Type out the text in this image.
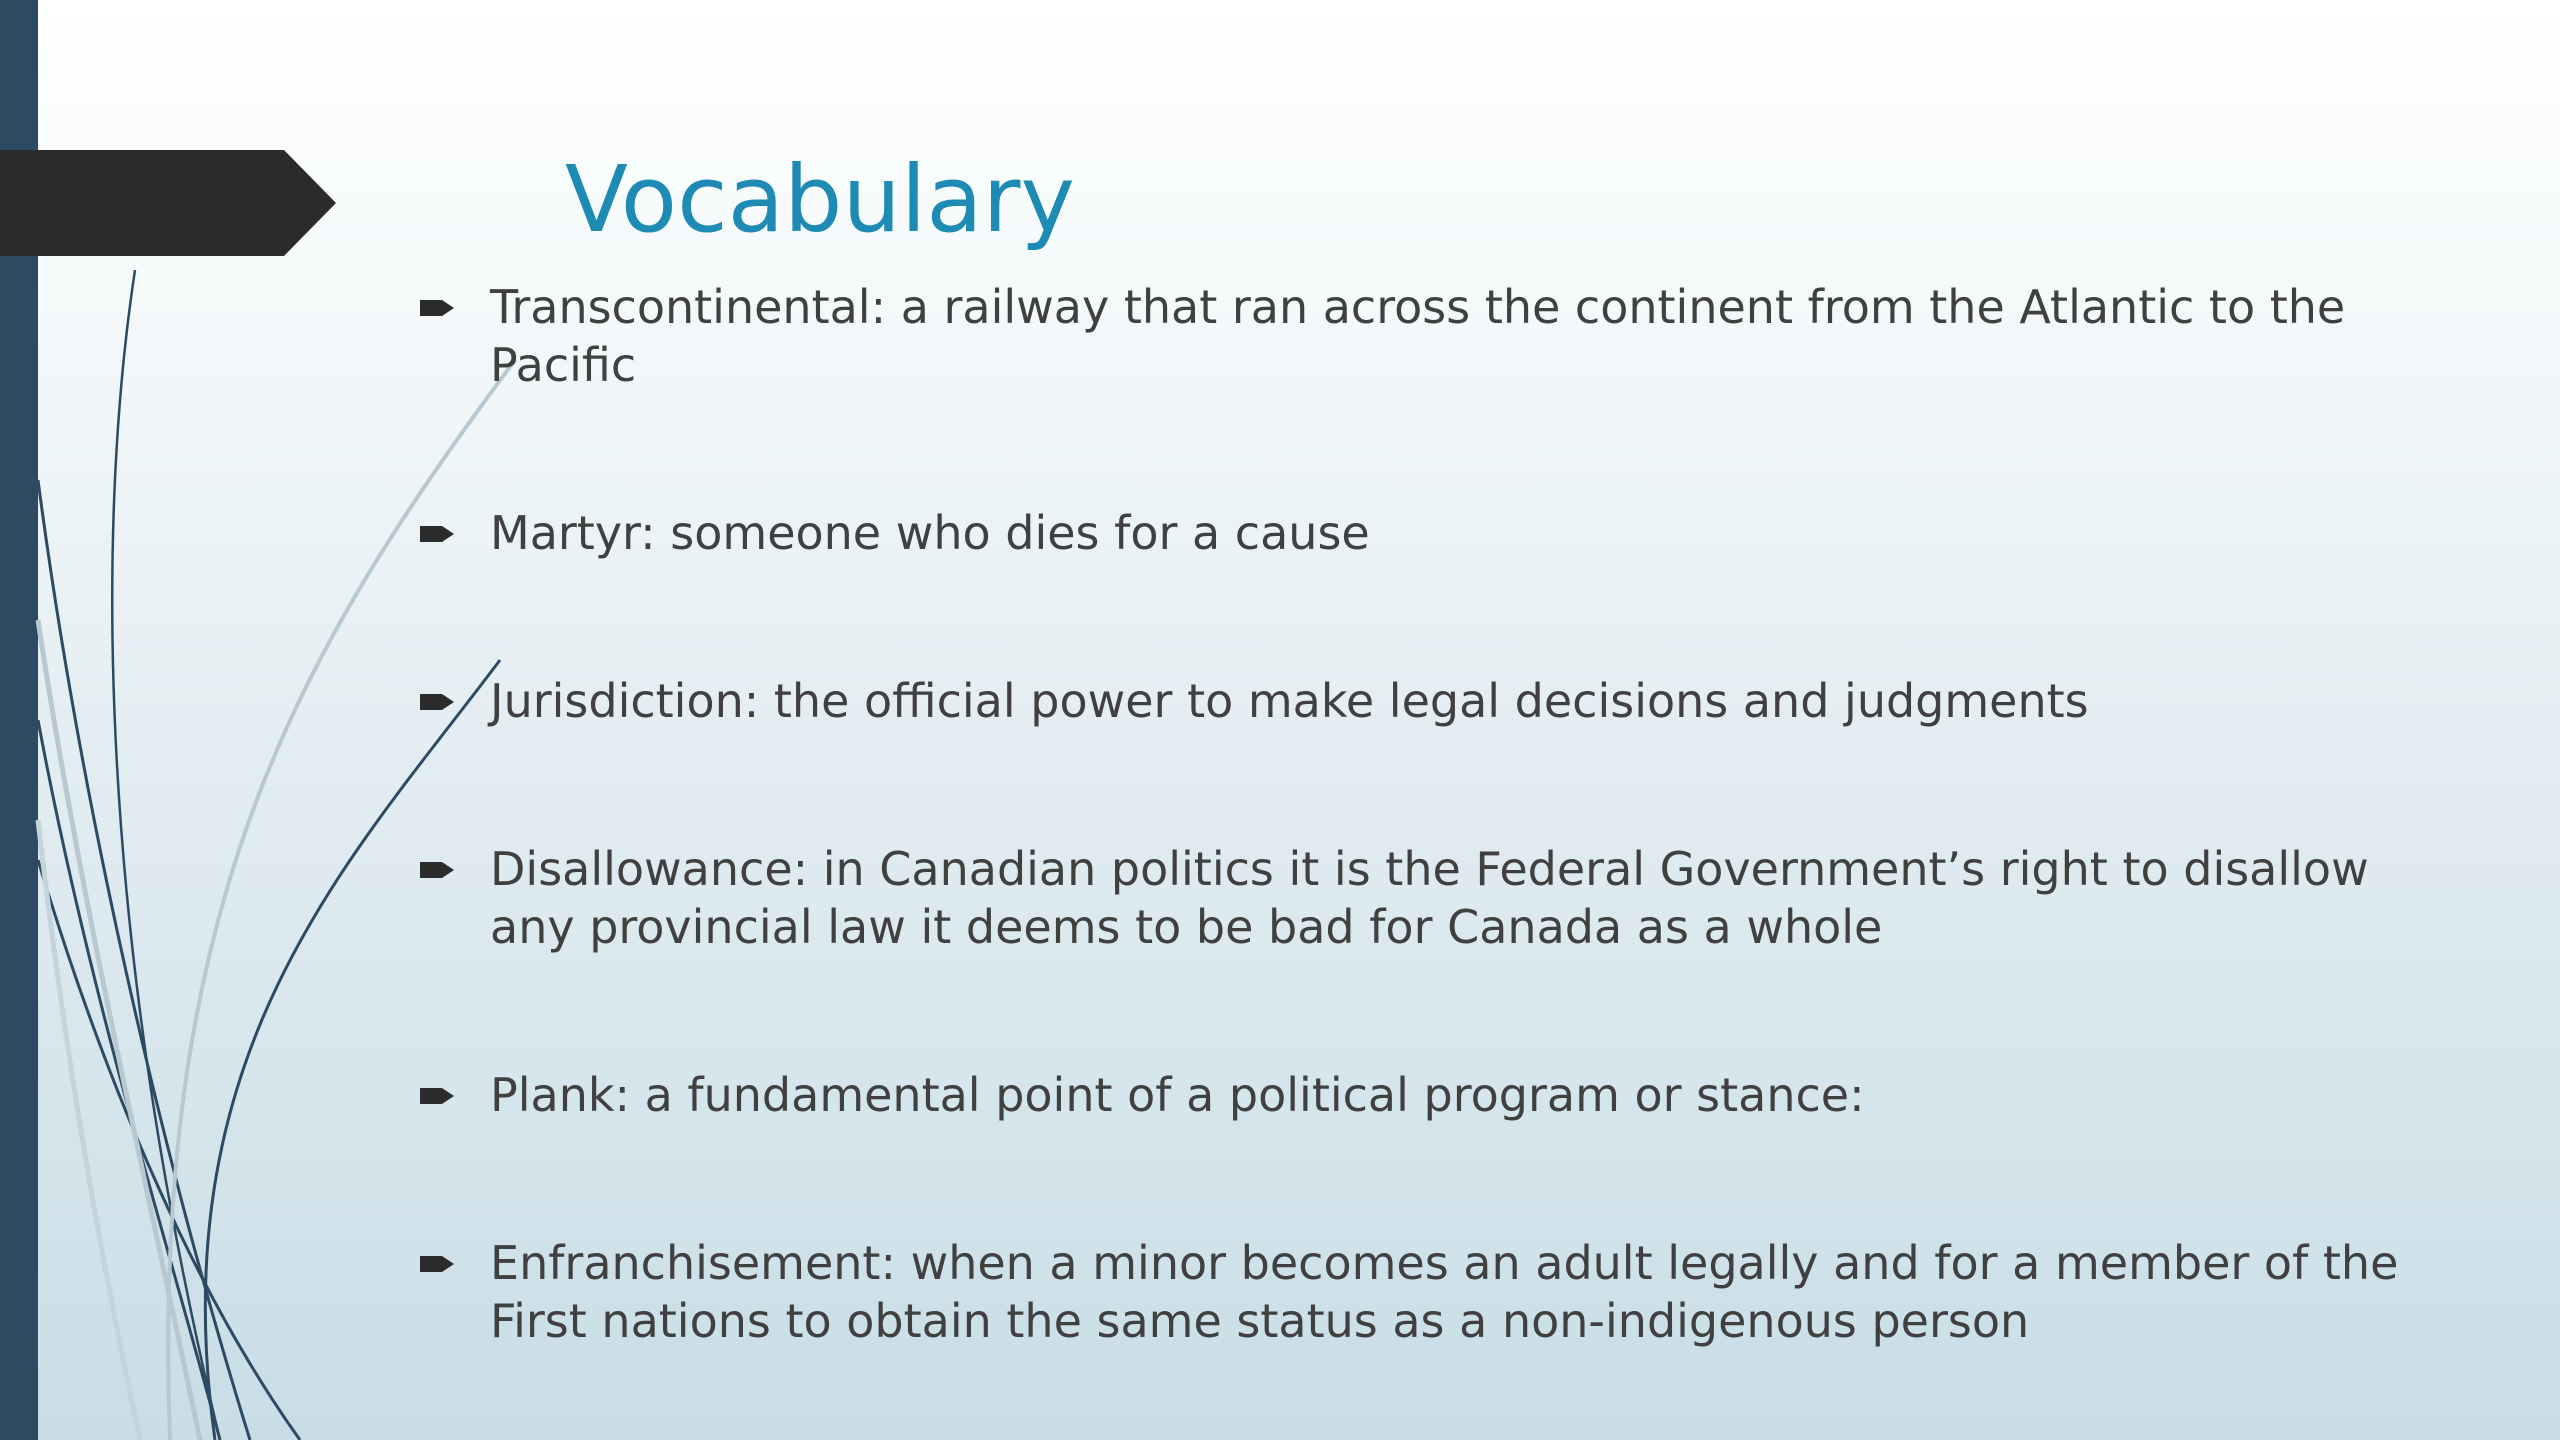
Vocabulary
Transcontinental: a railway that ran across the continent from the Atlantic to the Pacific
Martyr: someone who dies for a cause
Jurisdiction: the official power to make legal decisions and judgments
Disallowance: in Canadian politics it is the Federal Government’s right to disallow any provincial law it deems to be bad for Canada as a whole
Plank: a fundamental point of a political program or stance:
Enfranchisement: when a minor becomes an adult legally and for a member of the First nations to obtain the same status as a non-indigenous person
